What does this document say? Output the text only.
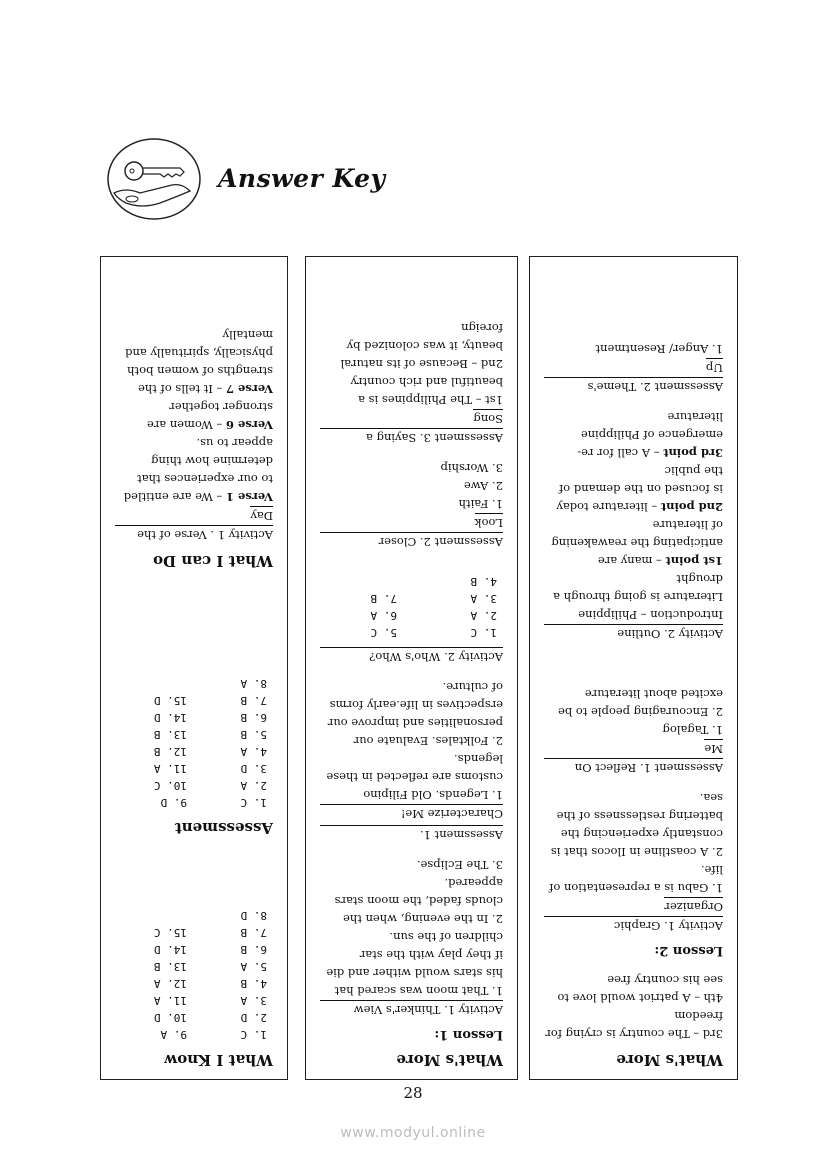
Answer Key
What I Know
1. C
9. A
2. D
10. D
3. A
11. A
4. B
12. A
5. A
13. B
6. B
14. D
7. B
15. C
8. D
Assessment
1. C
9. D
2. A
10. C
3. D
11. A
4. A
12. B
5. B
13. B
6. B
14. D
7. B
15. D
8. A
What I can Do
Activity 1 . Verse of the
Day
Verse 1 – We are entitled to our experiences that determine how thing appear to us.
Verse 6 – Women are stronger together
Verse 7 – It tells of the strengths of women both physically, spiritually and mentally
What's More
Lesson 1:
Activity 1. Thinker's View
1. That moon was scared hat his stars would wither and die if they play with the star children of the sun.
2. In the evening, when the clouds faded, the moon stars appeared.
3. The Eclipse.
Assessment 1.
Characterize Me!
1. Legends. Old Filipino customs are reflected in these legends.
2. Folktales. Evaluate our personalities and improve our erspectives in life.early forms of culture.
Activity 2. Who's Who?
1. C
5. C
2. A
6. A
3. A
7. B
4. B
Assessment 2. Closer
Look
1. Faith
2. Awe
3. Worship
Assessment 3. Saying a
Song
1st – The Philippines is a beautiful and rich country
2nd – Because of its natural beauty, it was colonized by foreign
What's More
3rd – The country is crying for freedom
4th – A patriot would love to see his country free
Lesson 2:
Activity 1. Graphic
Organizer
1. Gabu is a representation of life.
2. A coastline in Ilocos that is constantly experiencing the battering restlessness of the sea.
Assessment 1. Reflect On
Me
1. Tagalog
2. Encouraging people to be excited about literature
Activity 2. Outline
Introduction – Philippine Literature is going through a drought
1st point – many are anticipating the reawakening of literature
2nd point – literature today is focused on the demand of the public
3rd point – A call for re-emergence of Philippine literature
Assessment 2. Theme's
Up
1. Anger/ Resentment
28
www.modyul.online
